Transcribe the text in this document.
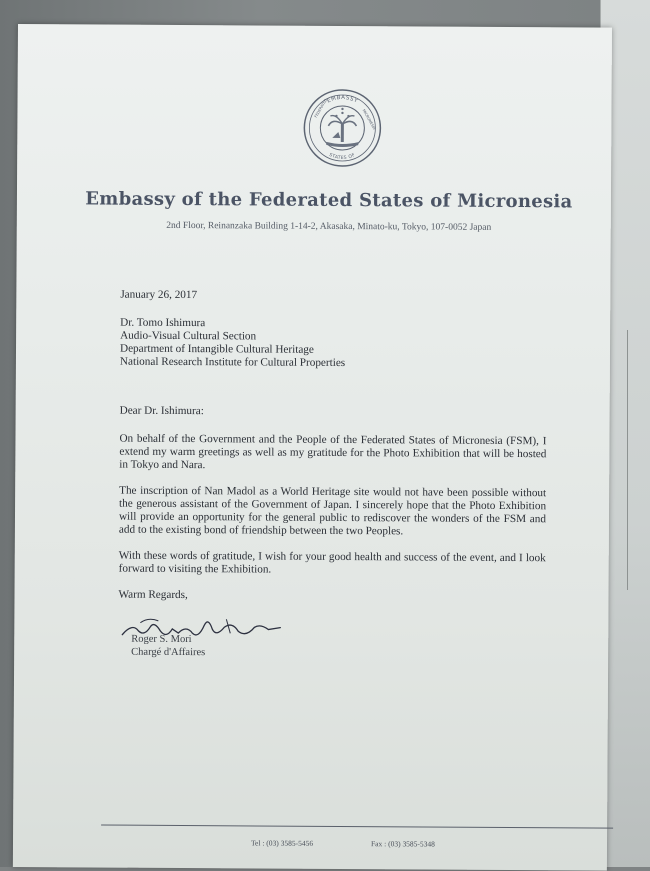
EMBASSY
STATES OF
FEDERATED
MICRONESIA
Embassy of the Federated States of Micronesia
2nd Floor, Reinanzaka Building 1-14-2, Akasaka, Minato-ku, Tokyo, 107-0052 Japan
January 26, 2017
Dr. Tomo Ishimura
Audio-Visual Cultural Section
Department of Intangible Cultural Heritage
National Research Institute for Cultural Properties
Dear Dr. Ishimura:
On behalf of the Government and the People of the Federated States of Micronesia (FSM), I extend my warm greetings as well as my gratitude for the Photo Exhibition that will be hosted in Tokyo and Nara.
The inscription of Nan Madol as a World Heritage site would not have been possible without the generous assistant of the Government of Japan. I sincerely hope that the Photo Exhibition will provide an opportunity for the general public to rediscover the wonders of the FSM and add to the existing bond of friendship between the two Peoples.
With these words of gratitude, I wish for your good health and success of the event, and I look forward to visiting the Exhibition.
Warm Regards,
Roger S. Mori
Chargé d'Affaires
Tel : (03) 3585-5456	Fax : (03) 3585-5348
